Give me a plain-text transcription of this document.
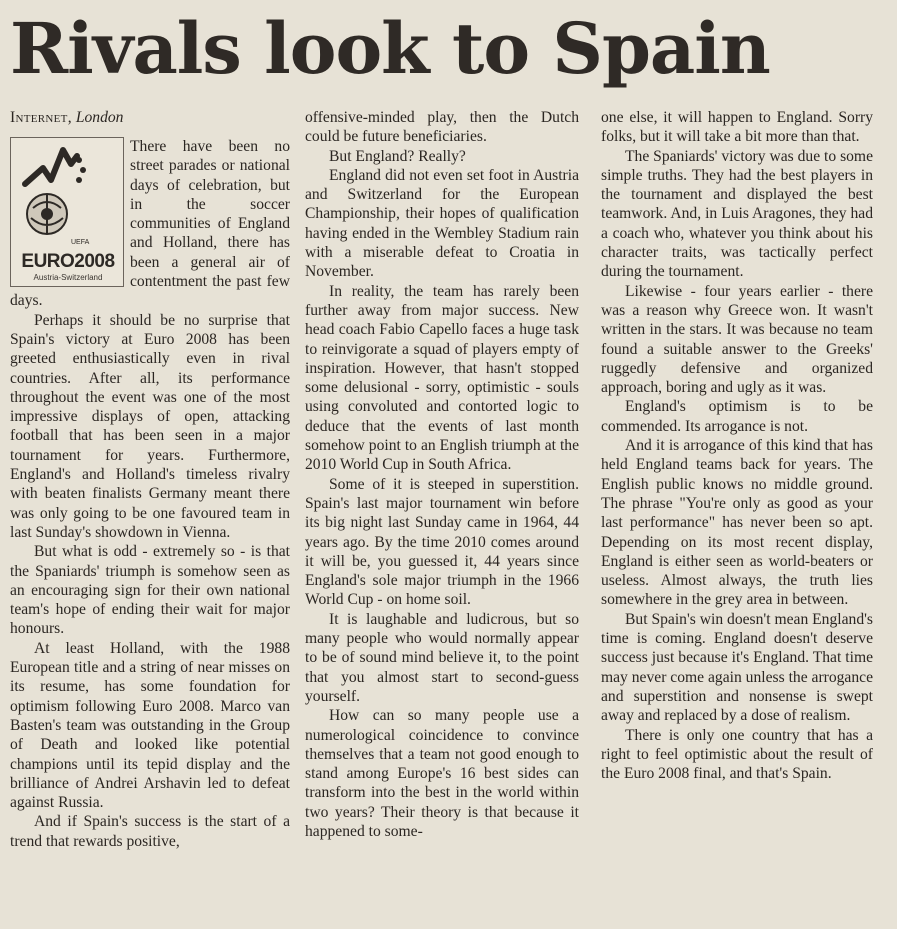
Rivals look to Spain
Internet, London
UEFA
EURO2008
Austria-Switzerland

There have been no street parades or national days of celebration, but in the soccer communities of England and Holland, there has been a general air of contentment the past few days.

Perhaps it should be no surprise that Spain's victory at Euro 2008 has been greeted enthusiastically even in rival countries. After all, its performance throughout the event was one of the most impressive displays of open, attacking football that has been seen in a major tournament for years. Furthermore, England's and Holland's timeless rivalry with beaten finalists Germany meant there was only going to be one favoured team in last Sunday's showdown in Vienna.

But what is odd - extremely so - is that the Spaniards' triumph is somehow seen as an encouraging sign for their own national team's hope of ending their wait for major honours.

At least Holland, with the 1988 European title and a string of near misses on its resume, has some foundation for optimism following Euro 2008. Marco van Basten's team was outstanding in the Group of Death and looked like potential champions until its tepid display and the brilliance of Andrei Arshavin led to defeat against Russia.

And if Spain's success is the start of a trend that rewards positive,

offensive-minded play, then the Dutch could be future beneficiaries.

But England? Really?

England did not even set foot in Austria and Switzerland for the European Championship, their hopes of qualification having ended in the Wembley Stadium rain with a miserable defeat to Croatia in November.

In reality, the team has rarely been further away from major success. New head coach Fabio Capello faces a huge task to reinvigorate a squad of players empty of inspiration. However, that hasn't stopped some delusional - sorry, optimistic - souls using convoluted and contorted logic to deduce that the events of last month somehow point to an English triumph at the 2010 World Cup in South Africa.

Some of it is steeped in superstition. Spain's last major tournament win before its big night last Sunday came in 1964, 44 years ago. By the time 2010 comes around it will be, you guessed it, 44 years since England's sole major triumph in the 1966 World Cup - on home soil.

It is laughable and ludicrous, but so many people who would normally appear to be of sound mind believe it, to the point that you almost start to second-guess yourself.

How can so many people use a numerological coincidence to convince themselves that a team not good enough to stand among Europe's 16 best sides can transform into the best in the world within two years? Their theory is that because it happened to some-

one else, it will happen to England. Sorry folks, but it will take a bit more than that.

The Spaniards' victory was due to some simple truths. They had the best players in the tournament and displayed the best teamwork. And, in Luis Aragones, they had a coach who, whatever you think about his character traits, was tactically perfect during the tournament.

Likewise - four years earlier - there was a reason why Greece won. It wasn't written in the stars. It was because no team found a suitable answer to the Greeks' ruggedly defensive and organized approach, boring and ugly as it was.

England's optimism is to be commended. Its arrogance is not.

And it is arrogance of this kind that has held England teams back for years. The English public knows no middle ground. The phrase "You're only as good as your last performance" has never been so apt. Depending on its most recent display, England is either seen as world-beaters or useless. Almost always, the truth lies somewhere in the grey area in between.

But Spain's win doesn't mean England's time is coming. England doesn't deserve success just because it's England. That time may never come again unless the arrogance and superstition and nonsense is swept away and replaced by a dose of realism.

There is only one country that has a right to feel optimistic about the result of the Euro 2008 final, and that's Spain.
